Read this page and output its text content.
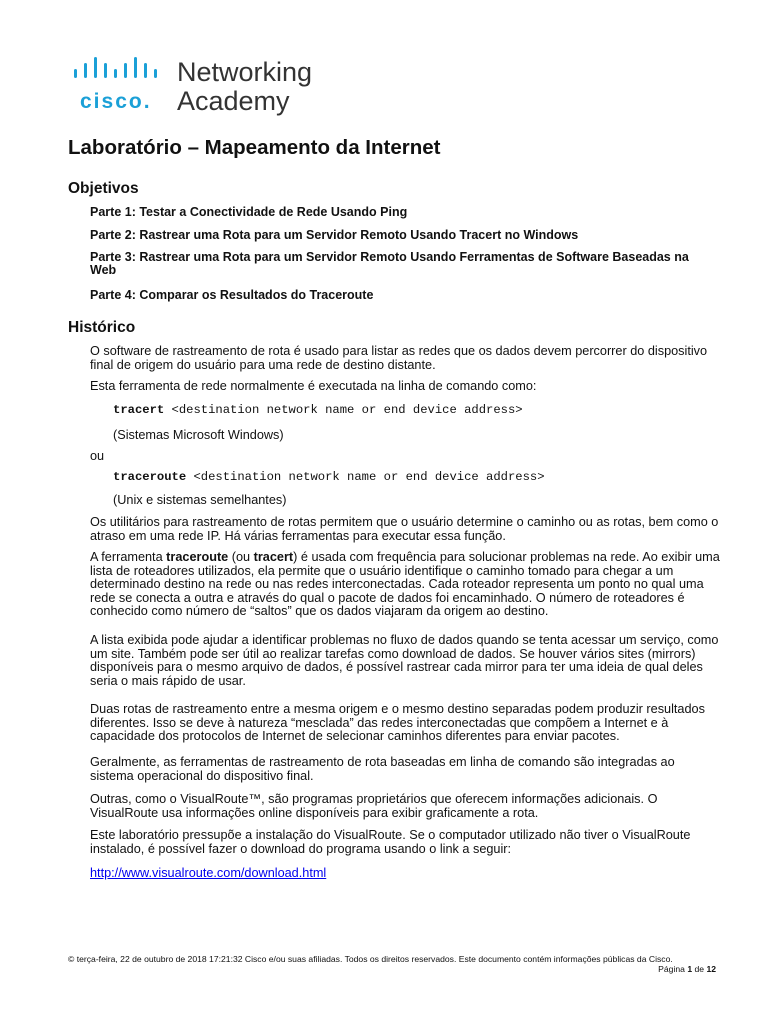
cisco.
Networking
Academy
Laboratório – Mapeamento da Internet
Objetivos
Parte 1: Testar a Conectividade de Rede Usando Ping
Parte 2: Rastrear uma Rota para um Servidor Remoto Usando Tracert no Windows
Parte 3: Rastrear uma Rota para um Servidor Remoto Usando Ferramentas de Software Baseadas na Web
Parte 4: Comparar os Resultados do Traceroute
Histórico

O software de rastreamento de rota é usado para listar as redes que os dados devem percorrer do dispositivo final de origem do usuário para uma rede de destino distante.

Esta ferramenta de rede normalmente é executada na linha de comando como:

tracert <destination network name or end device address>
(Sistemas Microsoft Windows)
ou
traceroute <destination network name or end device address>
(Unix e sistemas semelhantes)

Os utilitários para rastreamento de rotas permitem que o usuário determine o caminho ou as rotas, bem como o atraso em uma rede IP. Há várias ferramentas para executar essa função.

A ferramenta traceroute (ou tracert) é usada com frequência para solucionar problemas na rede. Ao exibir uma lista de roteadores utilizados, ela permite que o usuário identifique o caminho tomado para chegar a um determinado destino na rede ou nas redes interconectadas. Cada roteador representa um ponto no qual uma rede se conecta a outra e através do qual o pacote de dados foi encaminhado. O número de roteadores é conhecido como número de “saltos” que os dados viajaram da origem ao destino.

A lista exibida pode ajudar a identificar problemas no fluxo de dados quando se tenta acessar um serviço, como um site. Também pode ser útil ao realizar tarefas como download de dados. Se houver vários sites (mirrors) disponíveis para o mesmo arquivo de dados, é possível rastrear cada mirror para ter uma ideia de qual deles seria o mais rápido de usar.

Duas rotas de rastreamento entre a mesma origem e o mesmo destino separadas podem produzir resultados diferentes. Isso se deve à natureza “mesclada” das redes interconectadas que compõem a Internet e à capacidade dos protocolos de Internet de selecionar caminhos diferentes para enviar pacotes.

Geralmente, as ferramentas de rastreamento de rota baseadas em linha de comando são integradas ao sistema operacional do dispositivo final.

Outras, como o VisualRoute™, são programas proprietários que oferecem informações adicionais. O VisualRoute usa informações online disponíveis para exibir graficamente a rota.

Este laboratório pressupõe a instalação do VisualRoute. Se o computador utilizado não tiver o VisualRoute instalado, é possível fazer o download do programa usando o link a seguir:

http://www.visualroute.com/download.html
© terça-feira, 22 de outubro de 2018 17:21:32 Cisco e/ou suas afiliadas. Todos os direitos reservados. Este documento contém informações públicas da Cisco.
Página 1 de 12
